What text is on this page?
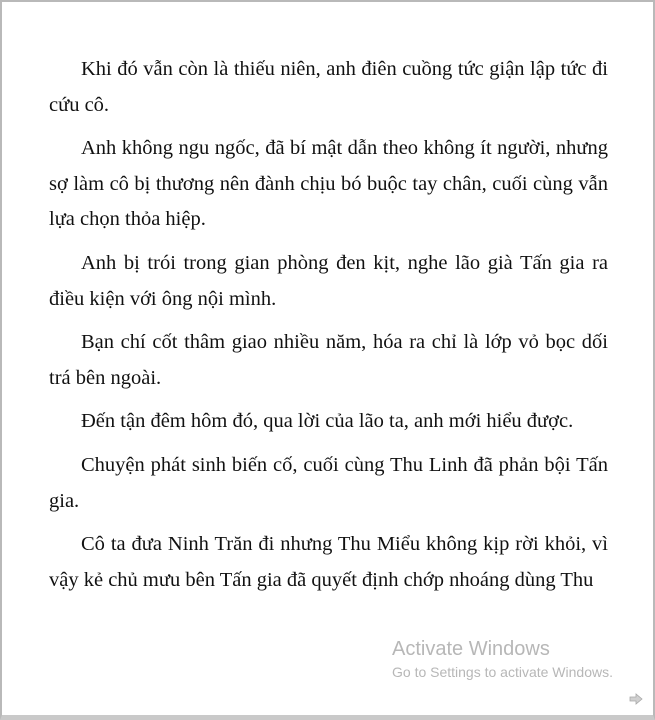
Khi đó vẫn còn là thiếu niên, anh điên cuồng tức giận lập tức đi cứu cô.

Anh không ngu ngốc, đã bí mật dẫn theo không ít người, nhưng sợ làm cô bị thương nên đành chịu bó buộc tay chân, cuối cùng vẫn lựa chọn thỏa hiệp.

Anh bị trói trong gian phòng đen kịt, nghe lão già Tấn gia ra điều kiện với ông nội mình.

Bạn chí cốt thâm giao nhiều năm, hóa ra chỉ là lớp vỏ bọc dối trá bên ngoài.

Đến tận đêm hôm đó, qua lời của lão ta, anh mới hiểu được.

Chuyện phát sinh biến cố, cuối cùng Thu Linh đã phản bội Tấn gia.

Cô ta đưa Ninh Trăn đi nhưng Thu Miểu không kịp rời khỏi, vì vậy kẻ chủ mưu bên Tấn gia đã quyết định chớp nhoáng dùng Thu

Activate Windows
Go to Settings to activate Windows.
